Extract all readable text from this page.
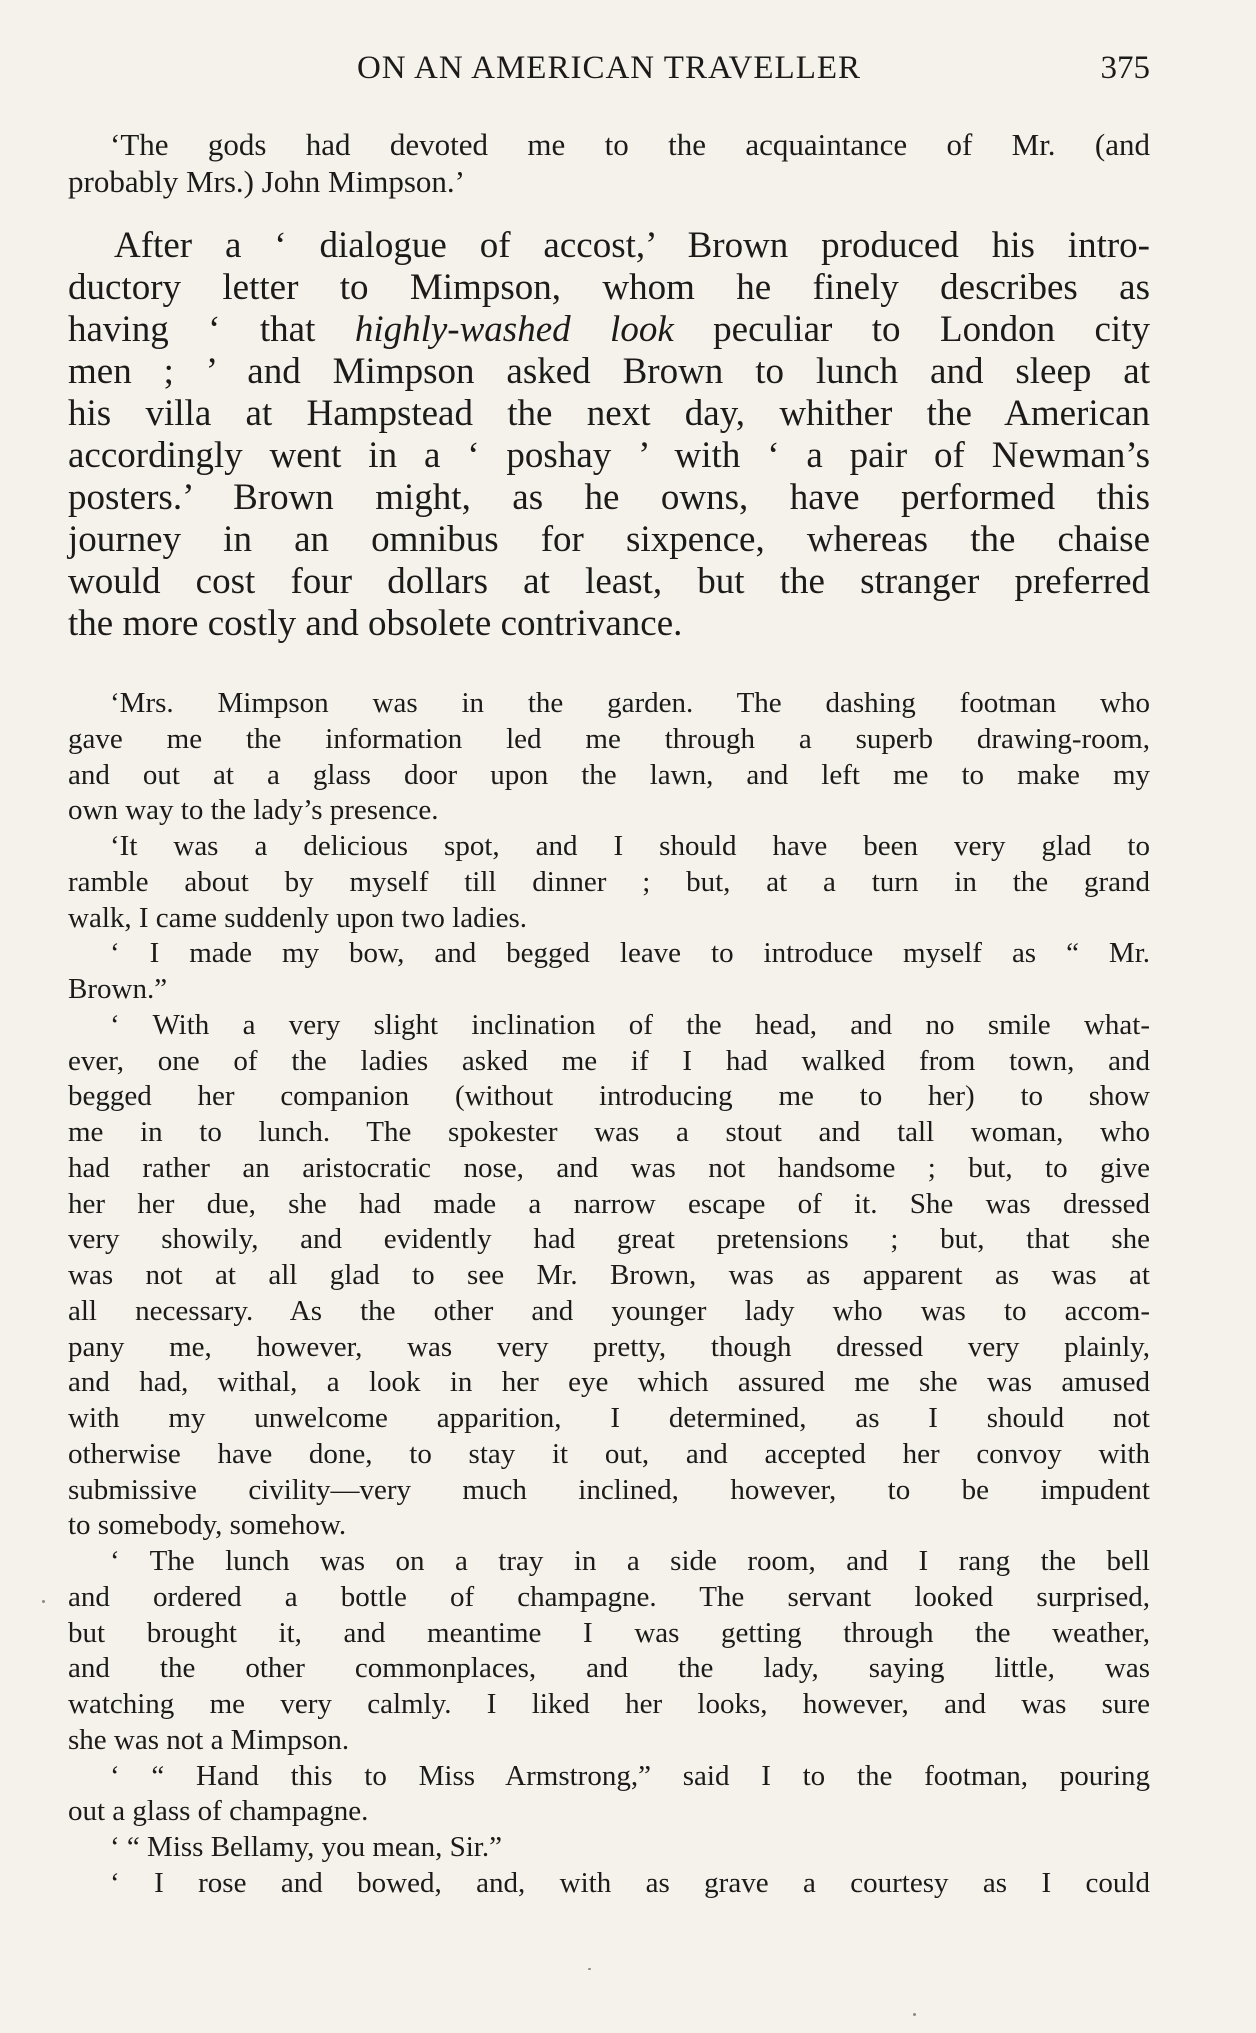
ON AN AMERICAN TRAVELLER	375
‘The gods had devoted me to the acquaintance of Mr. (and
probably Mrs.) John Mimpson.’
After a ‘ dialogue of accost,’ Brown produced his intro-
ductory letter to Mimpson, whom he finely describes as
having ‘ that highly-washed look peculiar to London city
men ; ’ and Mimpson asked Brown to lunch and sleep at
his villa at Hampstead the next day, whither the American
accordingly went in a ‘ poshay ’ with ‘ a pair of Newman’s
posters.’ Brown might, as he owns, have performed this
journey in an omnibus for sixpence, whereas the chaise
would cost four dollars at least, but the stranger preferred
the more costly and obsolete contrivance.
‘Mrs. Mimpson was in the garden. The dashing footman who
gave me the information led me through a superb drawing-room,
and out at a glass door upon the lawn, and left me to make my
own way to the lady’s presence.
‘It was a delicious spot, and I should have been very glad to
ramble about by myself till dinner ; but, at a turn in the grand
walk, I came suddenly upon two ladies.
‘ I made my bow, and begged leave to introduce myself as “ Mr.
Brown.”
‘ With a very slight inclination of the head, and no smile what-
ever, one of the ladies asked me if I had walked from town, and
begged her companion (without introducing me to her) to show
me in to lunch. The spokester was a stout and tall woman, who
had rather an aristocratic nose, and was not handsome ; but, to give
her her due, she had made a narrow escape of it. She was dressed
very showily, and evidently had great pretensions ; but, that she
was not at all glad to see Mr. Brown, was as apparent as was at
all necessary. As the other and younger lady who was to accom-
pany me, however, was very pretty, though dressed very plainly,
and had, withal, a look in her eye which assured me she was amused
with my unwelcome apparition, I determined, as I should not
otherwise have done, to stay it out, and accepted her convoy with
submissive civility—very much inclined, however, to be impudent
to somebody, somehow.
‘ The lunch was on a tray in a side room, and I rang the bell
and ordered a bottle of champagne. The servant looked surprised,
but brought it, and meantime I was getting through the weather,
and the other commonplaces, and the lady, saying little, was
watching me very calmly. I liked her looks, however, and was sure
she was not a Mimpson.
‘ “ Hand this to Miss Armstrong,” said I to the footman, pouring
out a glass of champagne.
‘ “ Miss Bellamy, you mean, Sir.”
‘ I rose and bowed, and, with as grave a courtesy as I could
